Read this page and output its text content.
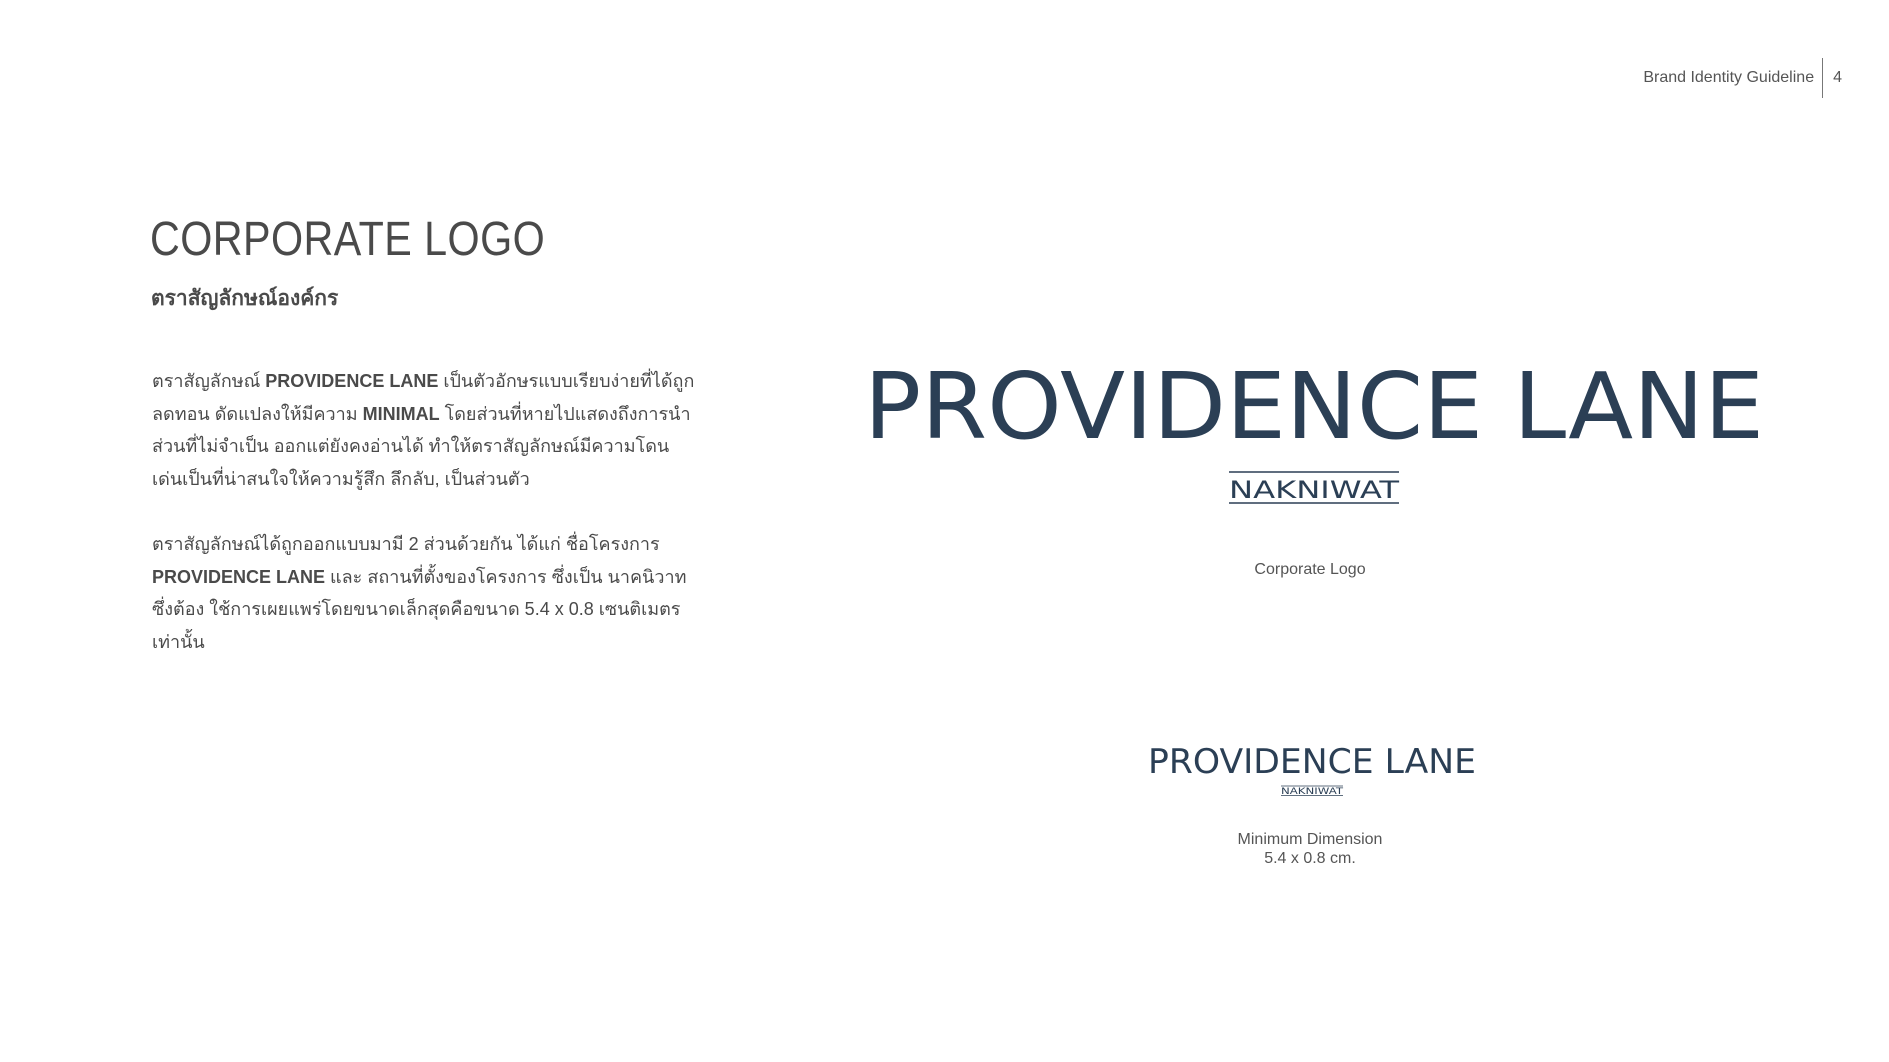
Brand Identity Guideline	4
CORPORATE LOGO
ตราสัญลักษณ์องค์กร

ตราสัญลักษณ์ PROVIDENCE LANE เป็นตัวอักษรแบบเรียบง่ายที่ได้ถูกลดทอน ดัดแปลงให้มีความ MINIMAL โดยส่วนที่หายไปแสดงถึงการนำส่วนที่ไม่จำเป็น ออกแต่ยังคงอ่านได้ ทำให้ตราสัญลักษณ์มีความโดนเด่นเป็นที่น่าสนใจให้ความรู้สึก ลึกลับ, เป็นส่วนตัว

ตราสัญลักษณ์ได้ถูกออกแบบมามี 2 ส่วนด้วยกัน ได้แก่ ชื่อโครงการ PROVIDENCE LANE และ สถานที่ตั้งของโครงการ ซึ่งเป็น นาคนิวาท ซึ่งต้อง ใช้การเผยแพร่โดยขนาดเล็กสุดคือขนาด 5.4 x 0.8 เซนติเมตรเท่านั้น

PROVIDENCE LANE
NAKNIWAT

Corporate Logo

PROVIDENCE LANE
NAKNIWAT

Minimum Dimension

5.4 x 0.8 cm.
